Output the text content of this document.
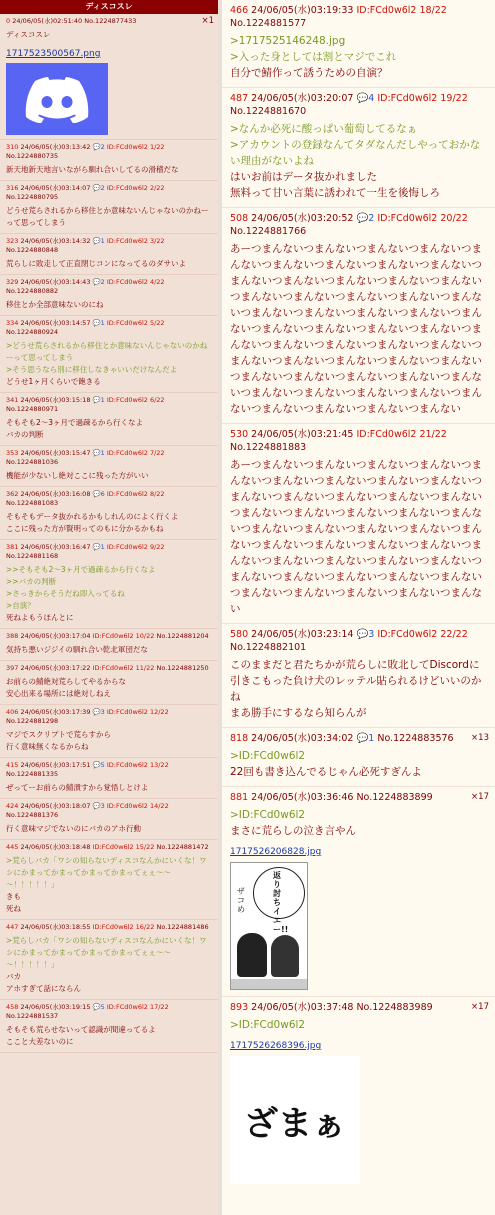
ディスコスレ
0 24/06/05(水)02:51:40 No.1224877433	×1
ディスコスレ
1717523500567.png
310 24/06/05(水)03:13:42 💬2 ID:FCd0w6l2 1/22 No.1224880735
新天地新天地言いながら馴れ合いしてるの滑稽だな
316 24/06/05(水)03:14:07 💬2 ID:FCd0w6l2 2/22 No.1224880795
どうせ荒らされるから移住とか意味ないんじゃないのかねーって思ってしまう
323 24/06/05(水)03:14:32 💬1 ID:FCd0w6l2 3/22 No.1224880848
荒らしに敗走して正直閉じコンになってるのダサいよ
329 24/06/05(水)03:14:43 💬2 ID:FCd0w6l2 4/22 No.1224880882
移住とか全部意味ないのにね
334 24/06/05(水)03:14:57 💬1 ID:FCd0w6l2 5/22 No.1224880924
>どうせ荒らされるから移住とか意味ないんじゃないのかねーって思ってしまう
>そう思うなら別に移住しなきゃいいだけなんだよ
どうせ1ヶ月くらいで飽きる
341 24/06/05(水)03:15:18 💬1 ID:FCd0w6l2 6/22 No.1224880971
そもそも2～3ヶ月で過疎るから行くなよ
バカの判断
353 24/06/05(水)03:15:47 💬1 ID:FCd0w6l2 7/22 No.1224881036
機能が少ないし絶対ここに残った方がいい
362 24/06/05(水)03:16:08 💬6 ID:FCd0w6l2 8/22 No.1224881083
そもそもデータ抜かれるかもしれんのによく行くよ
ここに残った方が賢明ってのもに分かるかもね
381 24/06/05(水)03:16:47 💬1 ID:FCd0w6l2 9/22 No.1224881168
>>そもそも2～3ヶ月で過疎るから行くなよ
>>バカの判断
>さっきからそうだね即入ってるね
>自演？
死ねよもうほんとに
388 24/06/05(水)03:17:04 ID:FCd0w6l2 10/22 No.1224881204
気持ち悪いジジイの馴れ合い乾北軍団だな
397 24/06/05(水)03:17:22 ID:FCd0w6l2 11/22 No.1224881250
お前らの鯖絶対荒らしてやるからな
安心出来る場所には絶対しねえ
406 24/06/05(水)03:17:39 💬3 ID:FCd0w6l2 12/22 No.1224881298
マジでスクリプトで荒らすから
行く意味無くなるからね
415 24/06/05(水)03:17:51 💬5 ID:FCd0w6l2 13/22 No.1224881335
ぜってーお前らの鯖潰すから覚悟しとけよ
424 24/06/05(水)03:18:07 💬3 ID:FCd0w6l2 14/22 No.1224881376
行く意味マジでないのにバカのアホ行動
445 24/06/05(水)03:18:48 ID:FCd0w6l2 15/22 No.1224881472
>荒らしバカ「ワシの知らないディスコなんかにいくな！ワシにかまってかまってかまってかまってぇぇ～～～！！！！！」
きも
死ね
447 24/06/05(水)03:18:55 ID:FCd0w6l2 16/22 No.1224881486
>荒らしバカ「ワシの知らないディスコなんかにいくな！ワシにかまってかまってかまってかまってぇぇ～～～！！！！！」
バカ
アホすぎて話にならん
458 24/06/05(水)03:19:15 💬5 ID:FCd0w6l2 17/22 No.1224881537
そもそも荒らせないって認識が間違ってるよ
ここと大差ないのに
466 24/06/05(水)03:19:33 ID:FCd0w6l2 18/22 No.1224881577
>1717525146248.jpg
>入った身としては割とマジでこれ
自分で鯖作って誘うための自演？
487 24/06/05(水)03:20:07 💬4 ID:FCd0w6l2 19/22 No.1224881670
>なんか必死に酸っぱい葡萄してるなぁ
>アカウントの登録なんてタダなんだしやっておかない理由がないよね
はいお前はデータ抜かれました
無料って甘い言葉に誘われて一生を後悔しろ
508 24/06/05(水)03:20:52 💬2 ID:FCd0w6l2 20/22 No.1224881766
あーつまんないつまんないつまんないつまんないつまんないつまんないつまんないつまんないつまんないつまんないつまんないつまんないつまんないつまんないつまんないつまんないつまんないつまんないつまんないつまんないつまんないつまんないつまんないつまんないつまんないつまんないつまんないつまんないつまんないつまんないつまんないつまんないつまんないつまんないつまんないつまんないつまんないつまんないつまんないつまんないつまんないつまんないつまんないつまんないつまんないつまんないつまんないつまんないつまんないつまんないつまんないつまんない
530 24/06/05(水)03:21:45 ID:FCd0w6l2 21/22 No.1224881883
あーつまんないつまんないつまんないつまんないつまんないつまんないつまんないつまんないつまんないつまんないつまんないつまんないつまんないつまんないつまんないつまんないつまんないつまんないつまんないつまんないつまんないつまんないつまんないつまんないつまんないつまんないつまんないつまんないつまんないつまんないつまんないつまんないつまんないつまんないつまんないつまんないつまんないつまんないつまんないつまんないつまんないつまんないつまんない
580 24/06/05(水)03:23:14 💬3 ID:FCd0w6l2 22/22 No.1224882101
このままだと君たちかが荒らしに敗北してDiscordに引きこもった負け犬のレッテル貼られるけどいいのかね
まあ勝手にするなら知らんが
818 24/06/05(水)03:34:02 💬1 No.1224883576 ×13
>ID:FCd0w6l2
22回も書き込んでるじゃん必死すぎんよ
881 24/06/05(水)03:36:46 No.1224883899	×17
>ID:FCd0w6l2
まさに荒らしの泣き言やん
1717526206828.jpg
返り討ちイエー!!
ザコめ
893 24/06/05(水)03:37:48 No.1224883989	×17
>ID:FCd0w6l2
1717526268396.jpg
ざまぁ
